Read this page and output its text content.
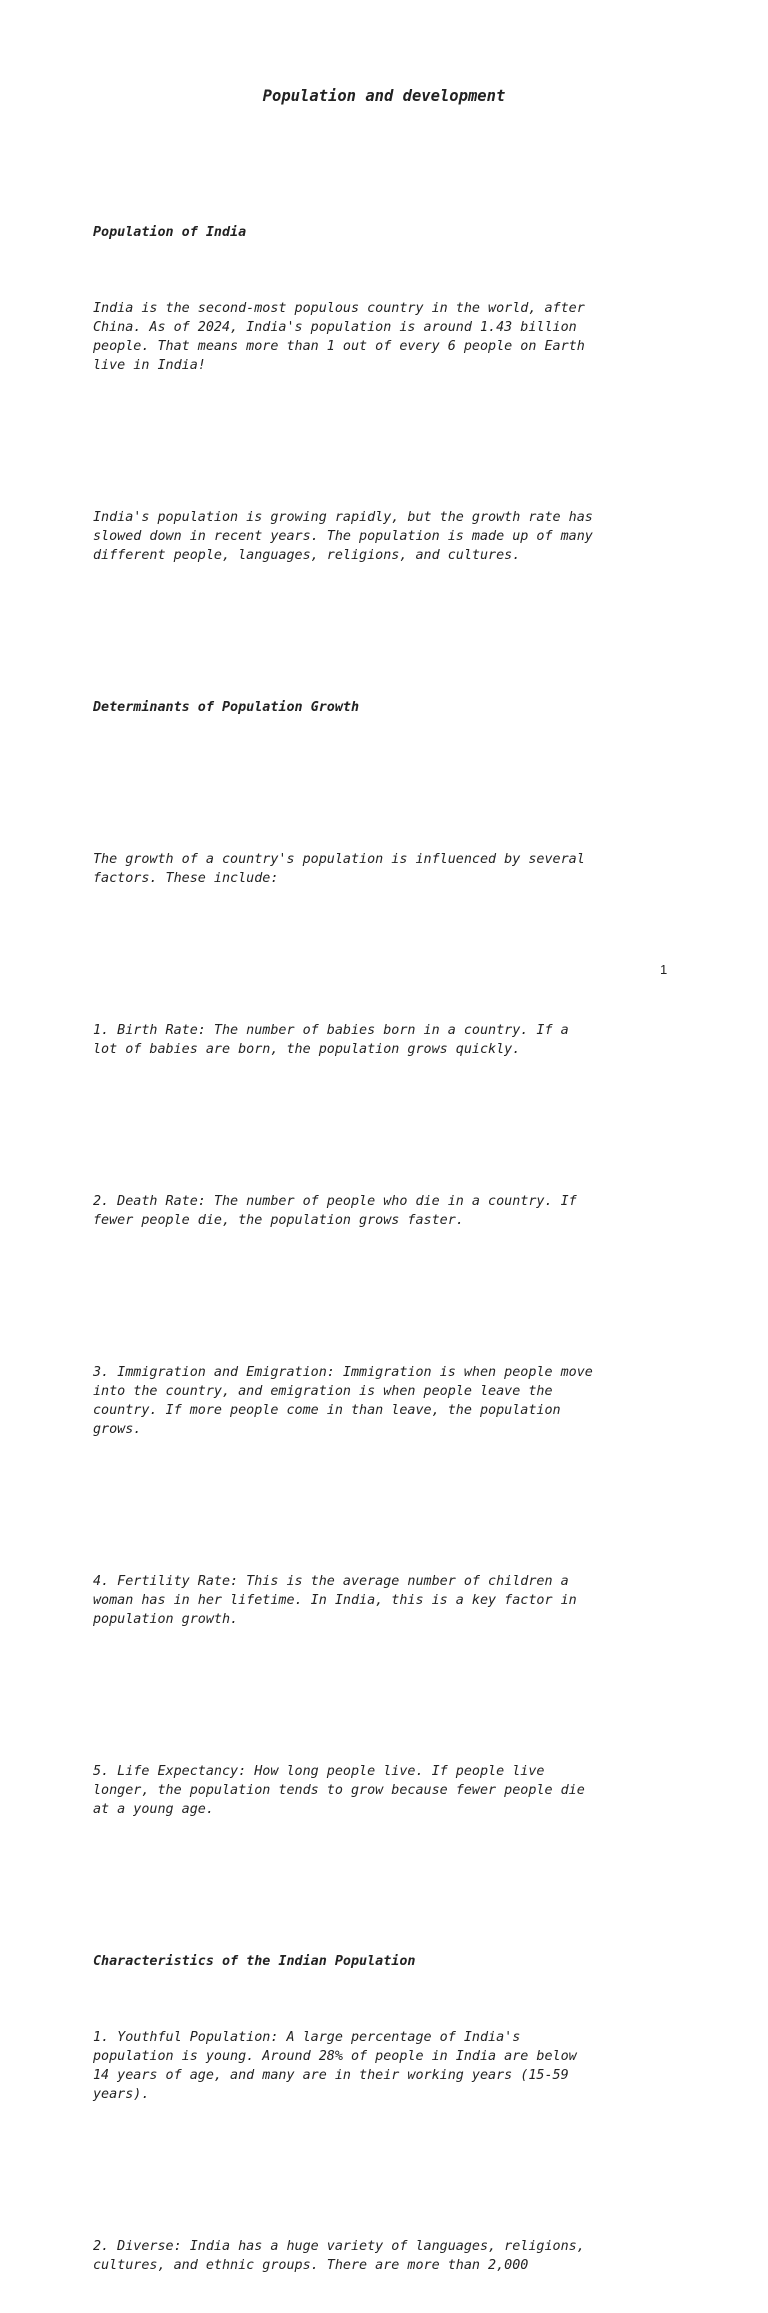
Population and development

Population of India

India is the second-most populous country in the world, after
China. As of 2024, India's population is around 1.43 billion
people. That means more than 1 out of every 6 people on Earth
live in India!

India's population is growing rapidly, but the growth rate has
slowed down in recent years. The population is made up of many
different people, languages, religions, and cultures.

Determinants of Population Growth

The growth of a country's population is influenced by several
factors. These include:

1. Birth Rate: The number of babies born in a country. If a
lot of babies are born, the population grows quickly.

2. Death Rate: The number of people who die in a country. If
fewer people die, the population grows faster.

3. Immigration and Emigration: Immigration is when people move
into the country, and emigration is when people leave the
country. If more people come in than leave, the population
grows.

4. Fertility Rate: This is the average number of children a
woman has in her lifetime. In India, this is a key factor in
population growth.

5. Life Expectancy: How long people live. If people live
longer, the population tends to grow because fewer people die
at a young age.

Characteristics of the Indian Population

1. Youthful Population: A large percentage of India's
population is young. Around 28% of people in India are below
14 years of age, and many are in their working years (15-59
years).

2. Diverse: India has a huge variety of languages, religions,
cultures, and ethnic groups. There are more than 2,000

1
